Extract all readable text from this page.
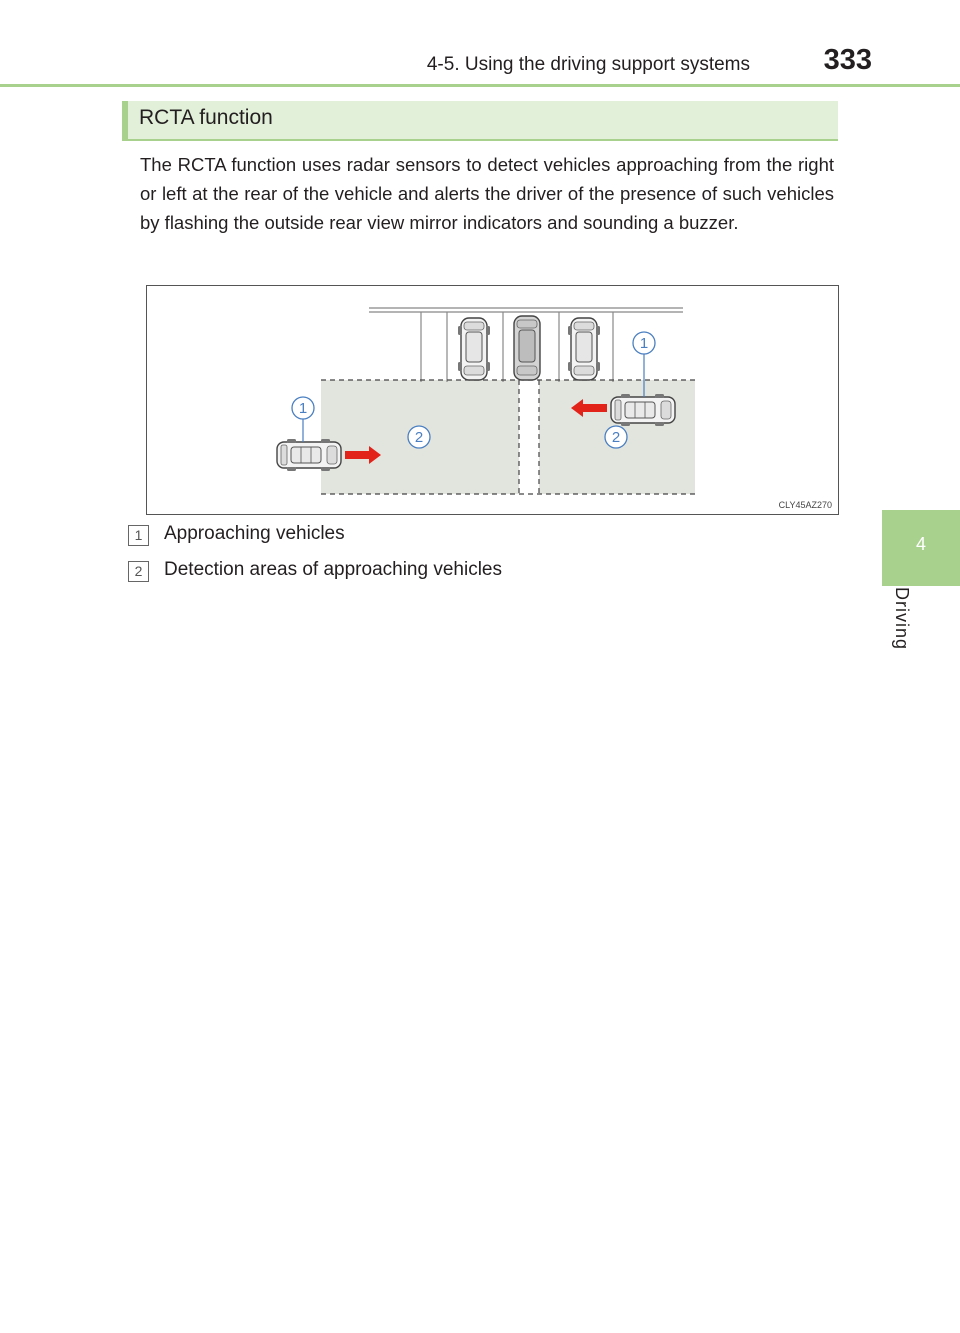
4-5. Using the driving support systems	333
4
Driving
RCTA function
The RCTA function uses radar sensors to detect vehicles approaching from the right or left at the rear of the vehicle and alerts the driver of the presence of such vehicles by flashing the outside rear view mirror indicators and sounding a buzzer.
1
1
2	2
CLY45AZ270
1	Approaching vehicles
2	Detection areas of approaching vehicles
